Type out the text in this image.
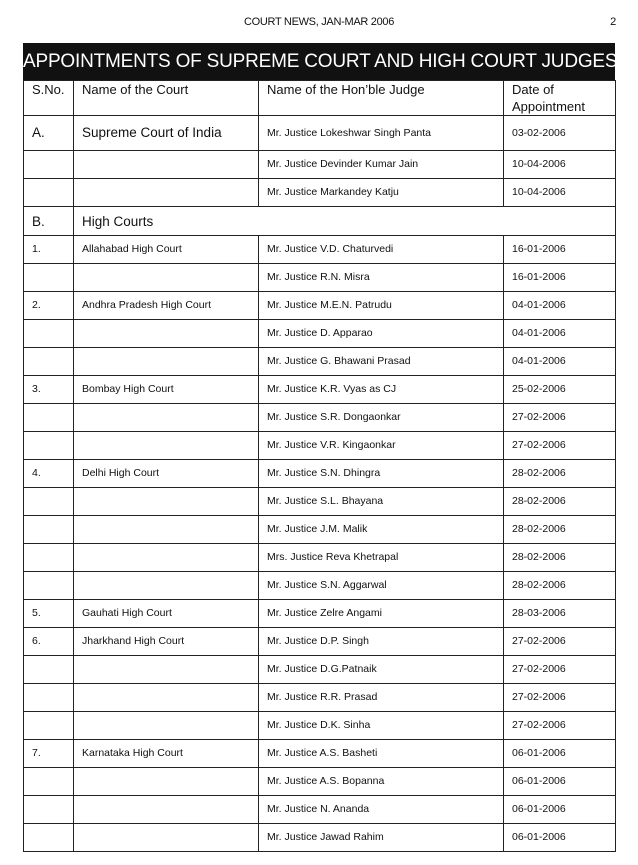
COURT NEWS, JAN-MAR 2006	2
APPOINTMENTS OF SUPREME COURT AND HIGH COURT JUDGES
S.No.	Name of the Court	Name of the Hon’ble Judge	Date of Appointment
A.	Supreme Court of India	Mr. Justice Lokeshwar Singh Panta	03-02-2006
		Mr. Justice Devinder Kumar Jain	10-04-2006
		Mr. Justice Markandey Katju	10-04-2006
B.	High Courts		
1.	Allahabad High Court	Mr. Justice V.D. Chaturvedi	16-01-2006
		Mr. Justice R.N. Misra	16-01-2006
2.	Andhra Pradesh High Court	Mr. Justice M.E.N. Patrudu	04-01-2006
		Mr. Justice D. Apparao	04-01-2006
		Mr. Justice G. Bhawani Prasad	04-01-2006
3.	Bombay High Court	Mr. Justice K.R. Vyas as CJ	25-02-2006
		Mr. Justice S.R. Dongaonkar	27-02-2006
		Mr. Justice V.R. Kingaonkar	27-02-2006
4.	Delhi High Court	Mr. Justice S.N. Dhingra	28-02-2006
		Mr. Justice S.L. Bhayana	28-02-2006
		Mr. Justice J.M. Malik	28-02-2006
		Mrs. Justice Reva Khetrapal	28-02-2006
		Mr. Justice S.N. Aggarwal	28-02-2006
5.	Gauhati High Court	Mr. Justice Zelre Angami	28-03-2006
6.	Jharkhand High Court	Mr. Justice D.P. Singh	27-02-2006
		Mr. Justice D.G.Patnaik	27-02-2006
		Mr. Justice R.R. Prasad	27-02-2006
		Mr. Justice D.K. Sinha	27-02-2006
7.	Karnataka High Court	Mr. Justice A.S. Basheti	06-01-2006
		Mr. Justice A.S. Bopanna	06-01-2006
		Mr. Justice N. Ananda	06-01-2006
		Mr. Justice Jawad Rahim	06-01-2006
